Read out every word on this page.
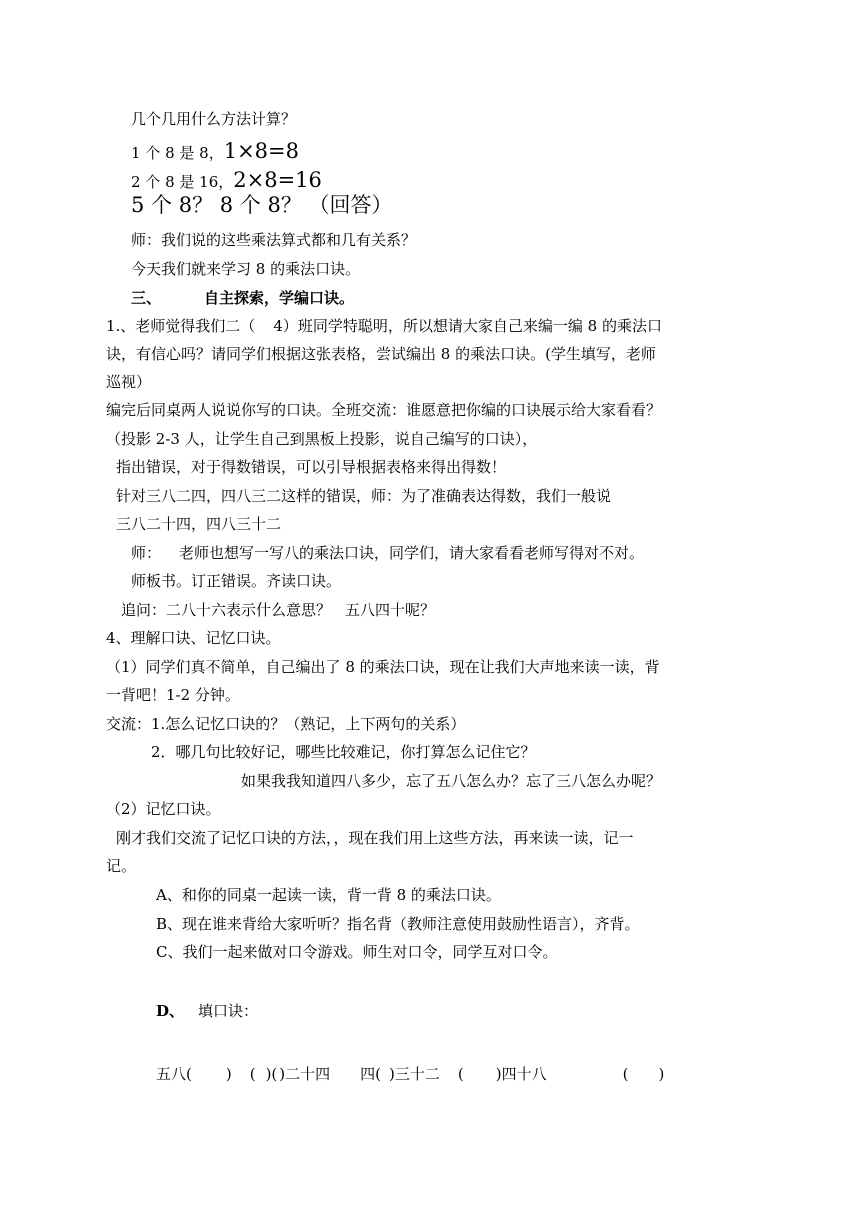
几个几用什么方法计算？
1 个 8 是 8，1×8=8
2 个 8 是 16，2×8=16
5 个 8？ 8 个 8？ （回答）
师：我们说的这些乘法算式都和几有关系？
今天我们就来学习 8 的乘法口诀。
三、	自主探索，学编口诀。
1.、老师觉得我们二（ 4）班同学特聪明，所以想请大家自己来编一编 8 的乘法口
诀，有信心吗？请同学们根据这张表格，尝试编出 8 的乘法口诀。(学生填写，老师
巡视）
编完后同桌两人说说你写的口诀。全班交流：谁愿意把你编的口诀展示给大家看看？
（投影 2-3 人，让学生自己到黑板上投影，说自己编写的口诀），
指出错误，对于得数错误，可以引导根据表格来得出得数！
针对三八二四，四八三二这样的错误，师：为了准确表达得数，我们一般说
三八二十四，四八三十二
师： 老师也想写一写八的乘法口诀，同学们，请大家看看老师写得对不对。
师板书。订正错误。齐读口诀。
追问：二八十六表示什么意思？ 五八四十呢？
4、理解口诀、记忆口诀。
（1）同学们真不简单，自己编出了 8 的乘法口诀，现在让我们大声地来读一读，背
一背吧！1-2 分钟。
交流：1.怎么记忆口诀的？（熟记，上下两句的关系）
2．哪几句比较好记，哪些比较难记，你打算怎么记住它？
如果我我知道四八多少，忘了五八怎么办？忘了三八怎么办呢？
（2）记忆口诀。
刚才我们交流了记忆口诀的方法，，现在我们用上这些方法，再来读一读，记一
记。
A、和你的同桌一起读一读，背一背 8 的乘法口诀。
B、现在谁来背给大家听听？指名背（教师注意使用鼓励性语言），齐背。
C、我们一起来做对口令游戏。师生对口令，同学互对口令。
D、 填口诀：
五八( ) ( )( )二十四 四( )三十二 ( )四十八	( )
